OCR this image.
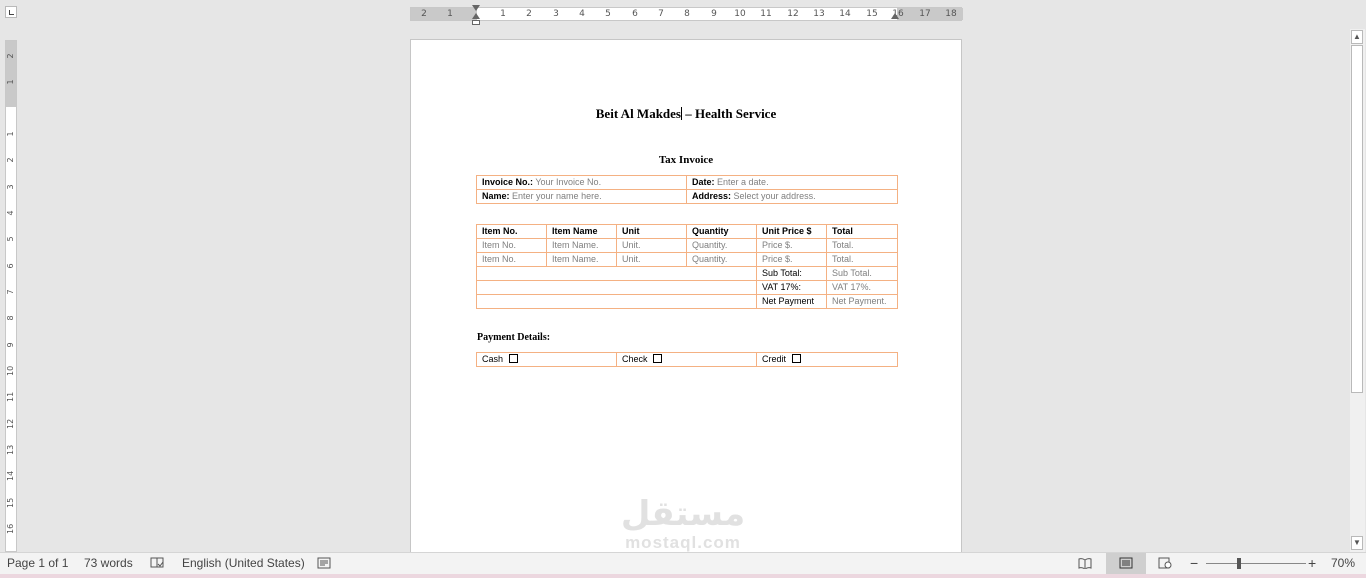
2 1	1 2 3 4 5 6 7 8 9 10 11 12 13 14 15	17 18
16
2
1
1
2
3
4
5
6
7
8
9
10
11
12
13
14
15
16
Beit Al Makdes – Health Service
Tax Invoice
Invoice No.: Your Invoice No.	Date: Enter a date.
Name: Enter your name here.	Address: Select your address.
Item No.	Item Name	Unit	Quantity	Unit Price $	Total
Item No.	Item Name.	Unit.	Quantity.	Price $.	Total.
Item No.	Item Name.	Unit.	Quantity.	Price $.	Total.
				Sub Total:	Sub Total.
				VAT 17%:	VAT 17%.
				Net Payment	Net Payment.
Payment Details:
Cash	Check	Credit
مستقل
mostaql.com
▲
▼
Page 1 of 1 73 words	English (United States)	−	+ 70%
